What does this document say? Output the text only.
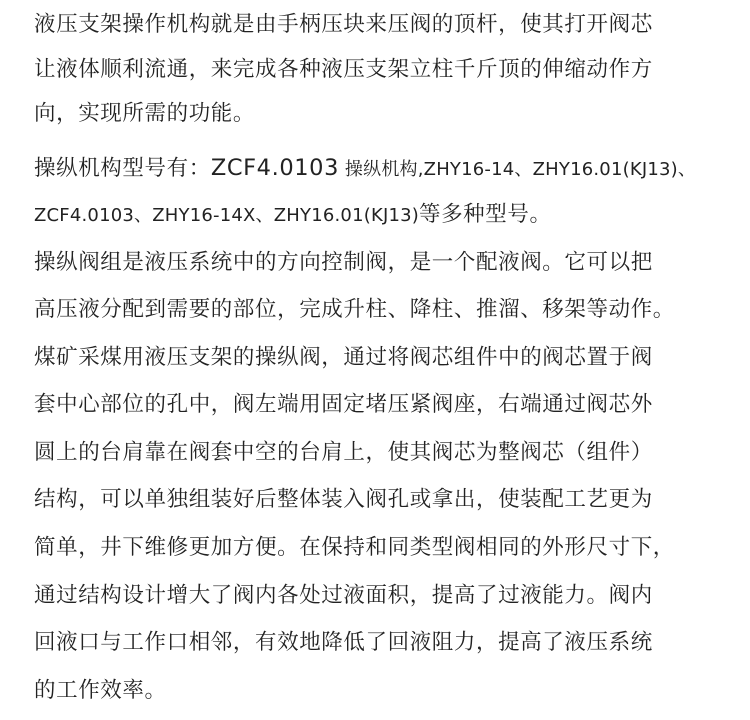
液压支架操作机构就是由手柄压块来压阀的顶杆，使其打开阀芯
让液体顺利流通，来完成各种液压支架立柱千斤顶的伸缩动作方
向，实现所需的功能。
操纵机构型号有：ZCF4.0103 操纵机构,ZHY16-14、ZHY16.01(KJ13)、
ZCF4.0103、ZHY16-14X、ZHY16.01(KJ13)等多种型号。
操纵阀组是液压系统中的方向控制阀，是一个配液阀。它可以把
高压液分配到需要的部位，完成升柱、降柱、推溜、移架等动作。
煤矿采煤用液压支架的操纵阀，通过将阀芯组件中的阀芯置于阀
套中心部位的孔中，阀左端用固定堵压紧阀座，右端通过阀芯外
圆上的台肩靠在阀套中空的台肩上，使其阀芯为整阀芯（组件）
结构，可以单独组装好后整体装入阀孔或拿出，使装配工艺更为
简单，井下维修更加方便。在保持和同类型阀相同的外形尺寸下，
通过结构设计增大了阀内各处过液面积，提高了过液能力。阀内
回液口与工作口相邻，有效地降低了回液阻力，提高了液压系统
的工作效率。
